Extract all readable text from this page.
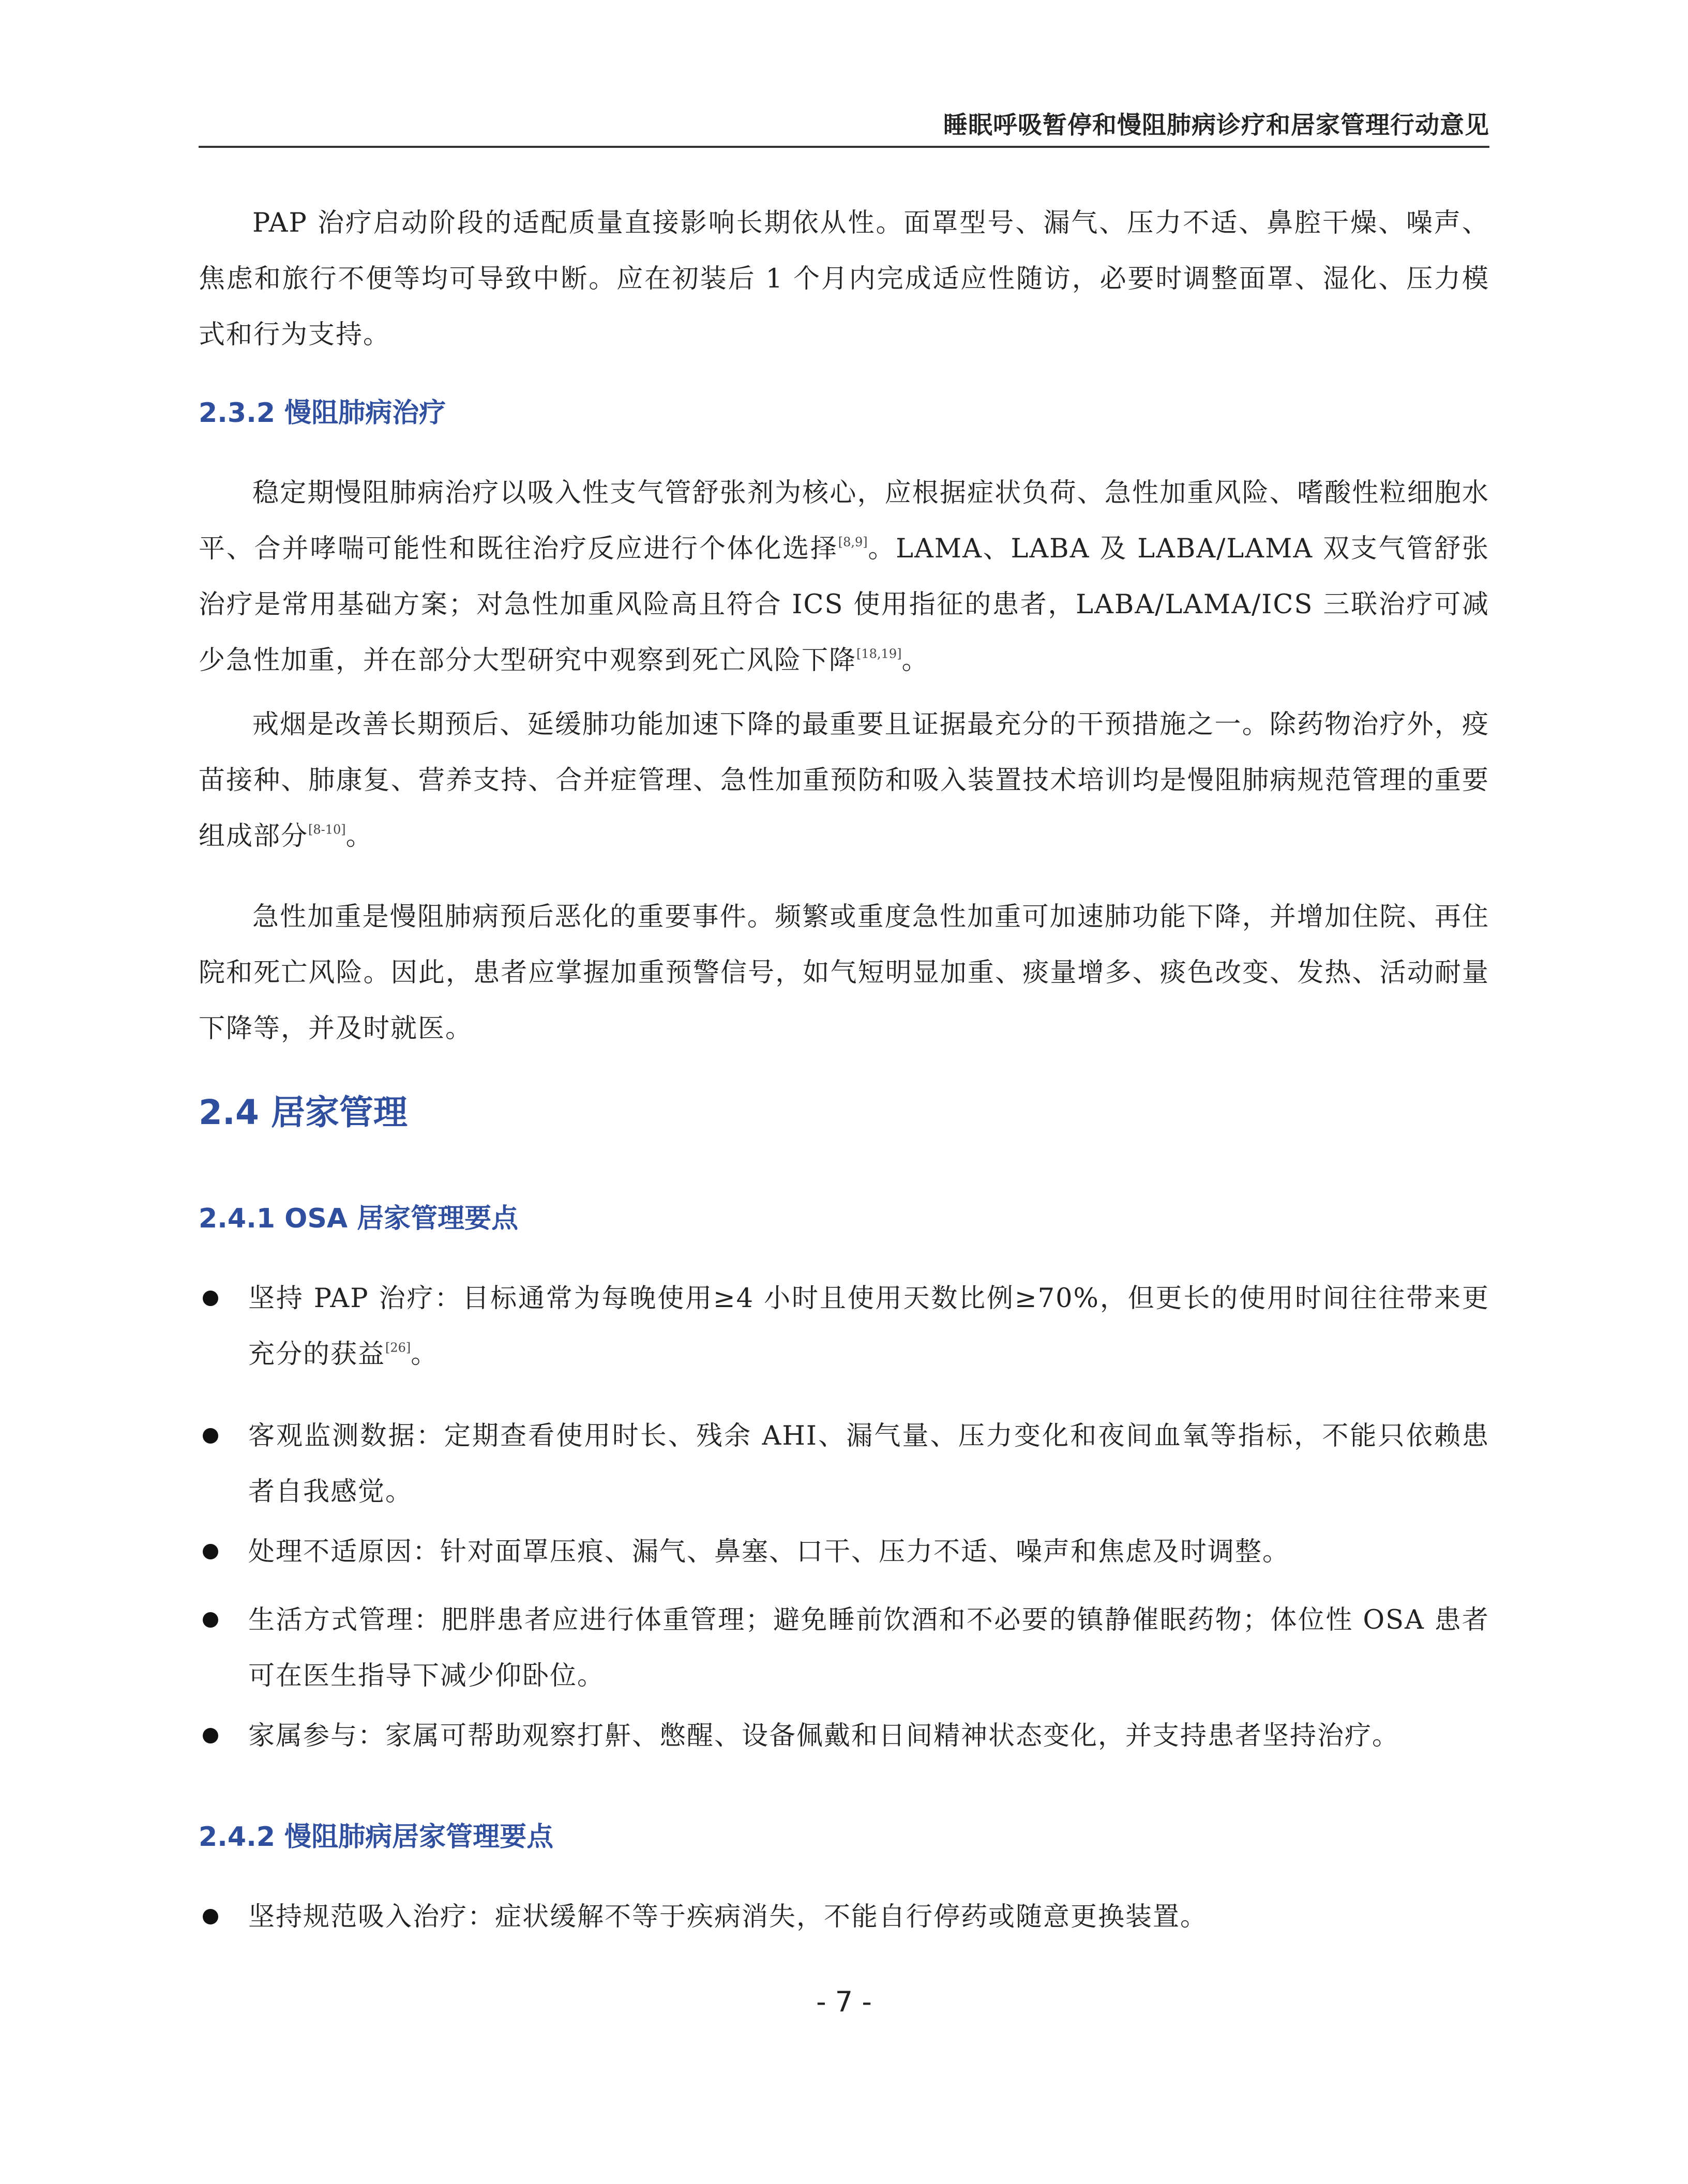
睡眠呼吸暂停和慢阻肺病诊疗和居家管理行动意见

PAP 治疗启动阶段的适配质量直接影响长期依从性。面罩型号、漏气、压力不适、鼻腔干燥、噪声、焦虑和旅行不便等均可导致中断。应在初装后 1 个月内完成适应性随访，必要时调整面罩、湿化、压力模式和行为支持。

2.3.2 慢阻肺病治疗

稳定期慢阻肺病治疗以吸入性支气管舒张剂为核心，应根据症状负荷、急性加重风险、嗜酸性粒细胞水平、合并哮喘可能性和既往治疗反应进行个体化选择[8,9]。LAMA、LABA 及 LABA/LAMA 双支气管舒张治疗是常用基础方案；对急性加重风险高且符合 ICS 使用指征的患者，LABA/LAMA/ICS 三联治疗可减少急性加重，并在部分大型研究中观察到死亡风险下降[18,19]。

戒烟是改善长期预后、延缓肺功能加速下降的最重要且证据最充分的干预措施之一。除药物治疗外，疫苗接种、肺康复、营养支持、合并症管理、急性加重预防和吸入装置技术培训均是慢阻肺病规范管理的重要组成部分[8-10]。

急性加重是慢阻肺病预后恶化的重要事件。频繁或重度急性加重可加速肺功能下降，并增加住院、再住院和死亡风险。因此，患者应掌握加重预警信号，如气短明显加重、痰量增多、痰色改变、发热、活动耐量下降等，并及时就医。

2.4 居家管理
2.4.1 OSA 居家管理要点

坚持 PAP 治疗：目标通常为每晚使用≥4 小时且使用天数比例≥70%，但更长的使用时间往往带来更充分的获益[26]。

客观监测数据：定期查看使用时长、残余 AHI、漏气量、压力变化和夜间血氧等指标，不能只依赖患者自我感觉。

处理不适原因：针对面罩压痕、漏气、鼻塞、口干、压力不适、噪声和焦虑及时调整。

生活方式管理：肥胖患者应进行体重管理；避免睡前饮酒和不必要的镇静催眠药物；体位性 OSA 患者可在医生指导下减少仰卧位。

家属参与：家属可帮助观察打鼾、憋醒、设备佩戴和日间精神状态变化，并支持患者坚持治疗。

2.4.2 慢阻肺病居家管理要点

坚持规范吸入治疗：症状缓解不等于疾病消失，不能自行停药或随意更换装置。

- 7 -
